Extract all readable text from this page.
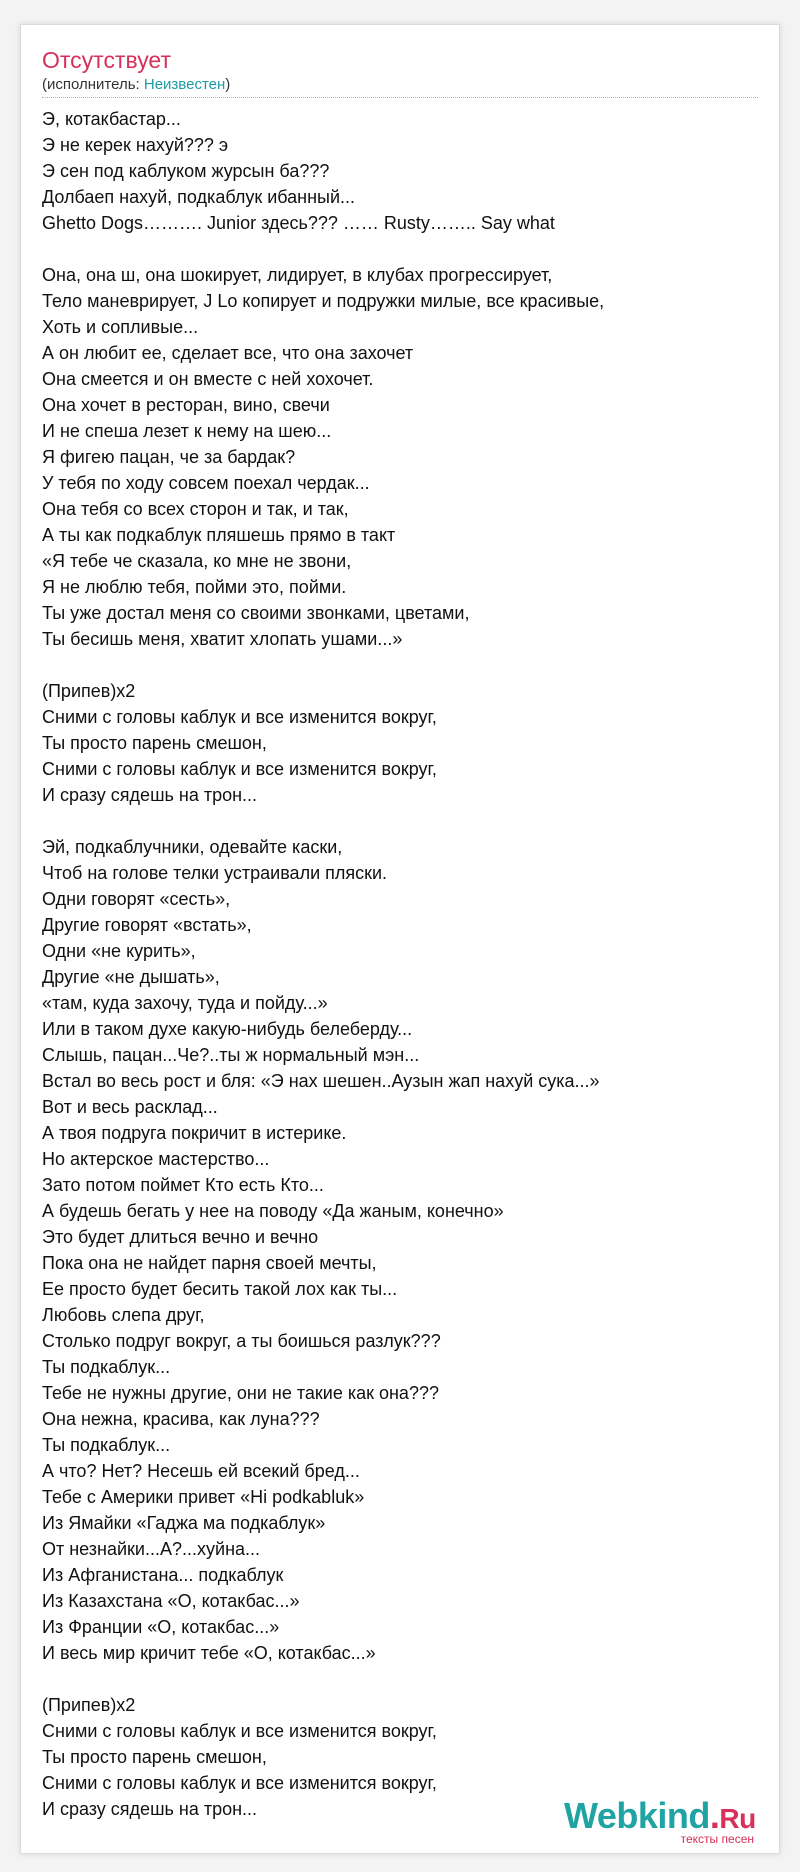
Отсутствует
(исполнитель: Неизвестен)
Э, котакбастар...
Э не керек нахуй??? э
Э сен под каблуком журсын ба???
Долбаеп нахуй, подкаблук ибанный...
Ghetto Dogs………. Junior здесь??? …… Rusty…….. Say what
Она, она ш, она шокирует, лидирует, в клубах прогрессирует,
Тело маневрирует, J Lo копирует и подружки милые, все красивые,
Хоть и сопливые...
А он любит ее, сделает все, что она захочет
Она смеется и он вместе с ней хохочет.
Она хочет в ресторан, вино, свечи
И не спеша лезет к нему на шею...
Я фигею пацан, че за бардак?
У тебя по ходу совсем поехал чердак...
Она тебя со всех сторон и так, и так,
А ты как подкаблук пляшешь прямо в такт
«Я тебе че сказала, ко мне не звони,
Я не люблю тебя, пойми это, пойми.
Ты уже достал меня со своими звонками, цветами,
Ты бесишь меня, хватит хлопать ушами...»
(Припев)x2
Сними с головы каблук и все изменится вокруг,
Ты просто парень смешон,
Сними с головы каблук и все изменится вокруг,
И сразу сядешь на трон...
Эй, подкаблучники, одевайте каски,
Чтоб на голове телки устраивали пляски.
Одни говорят «сесть»,
Другие говорят «встать»,
Одни «не курить»,
Другие «не дышать»,
«там, куда захочу, туда и пойду...»
Или в таком духе какую-нибудь белеберду...
Слышь, пацан...Че?..ты ж нормальный мэн...
Встал во весь рост и бля: «Э нах шешен..Аузын жап нахуй сука...»
Вот и весь расклад...
А твоя подруга покричит в истерике.
Но актерское мастерство...
Зато потом поймет Кто есть Кто...
А будешь бегать у нее на поводу «Да жаным, конечно»
Это будет длиться вечно и вечно
Пока она не найдет парня своей мечты,
Ее просто будет бесить такой лох как ты...
Любовь слепа друг,
Столько подруг вокруг, а ты боишься разлук???
Ты подкаблук...
Тебе не нужны другие, они не такие как она???
Она нежна, красива, как луна???
Ты подкаблук...
А что? Нет? Несешь ей всекий бред...
Тебе с Америки привет «Hi podkabluk»
Из Ямайки «Гаджа ма подкаблук»
От незнайки...А?...хуйна...
Из Афганистана... подкаблук
Из Казахстана «О, котакбас...»
Из Франции «О, котакбас...»
И весь мир кричит тебе «О, котакбас...»
(Припев)x2
Сними с головы каблук и все изменится вокруг,
Ты просто парень смешон,
Сними с головы каблук и все изменится вокруг,
И сразу сядешь на трон...	Webkind.Ru
тексты песен
